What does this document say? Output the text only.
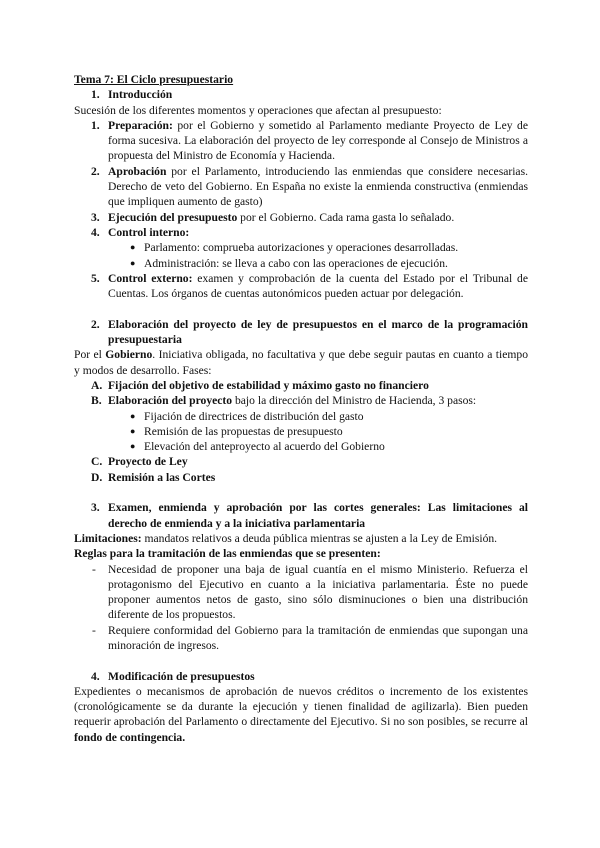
Tema 7: El Ciclo presupuestario

1. Introducción

Sucesión de los diferentes momentos y operaciones que afectan al presupuesto:

1. Preparación: por el Gobierno y sometido al Parlamento mediante Proyecto de Ley de forma sucesiva. La elaboración del proyecto de ley corresponde al Consejo de Ministros a propuesta del Ministro de Economía y Hacienda.

2. Aprobación por el Parlamento, introduciendo las enmiendas que considere necesarias. Derecho de veto del Gobierno. En España no existe la enmienda constructiva (enmiendas que impliquen aumento de gasto)

3. Ejecución del presupuesto por el Gobierno. Cada rama gasta lo señalado.

4. Control interno:

● Parlamento: comprueba autorizaciones y operaciones desarrolladas.

● Administración: se lleva a cabo con las operaciones de ejecución.

5. Control externo: examen y comprobación de la cuenta del Estado por el Tribunal de Cuentas. Los órganos de cuentas autonómicos pueden actuar por delegación.

2. Elaboración del proyecto de ley de presupuestos en el marco de la programación presupuestaria

Por el Gobierno. Iniciativa obligada, no facultativa y que debe seguir pautas en cuanto a tiempo y modos de desarrollo. Fases:

A. Fijación del objetivo de estabilidad y máximo gasto no financiero

B. Elaboración del proyecto bajo la dirección del Ministro de Hacienda, 3 pasos:

● Fijación de directrices de distribución del gasto

● Remisión de las propuestas de presupuesto

● Elevación del anteproyecto al acuerdo del Gobierno

C. Proyecto de Ley

D. Remisión a las Cortes

3. Examen, enmienda y aprobación por las cortes generales: Las limitaciones al derecho de enmienda y a la iniciativa parlamentaria

Limitaciones: mandatos relativos a deuda pública mientras se ajusten a la Ley de Emisión.

Reglas para la tramitación de las enmiendas que se presenten:

- Necesidad de proponer una baja de igual cuantía en el mismo Ministerio. Refuerza el protagonismo del Ejecutivo en cuanto a la iniciativa parlamentaria. Éste no puede proponer aumentos netos de gasto, sino sólo disminuciones o bien una distribución diferente de los propuestos.

- Requiere conformidad del Gobierno para la tramitación de enmiendas que supongan una minoración de ingresos.

4. Modificación de presupuestos

Expedientes o mecanismos de aprobación de nuevos créditos o incremento de los existentes (cronológicamente se da durante la ejecución y tienen finalidad de agilizarla). Bien pueden requerir aprobación del Parlamento o directamente del Ejecutivo. Si no son posibles, se recurre al fondo de contingencia.
